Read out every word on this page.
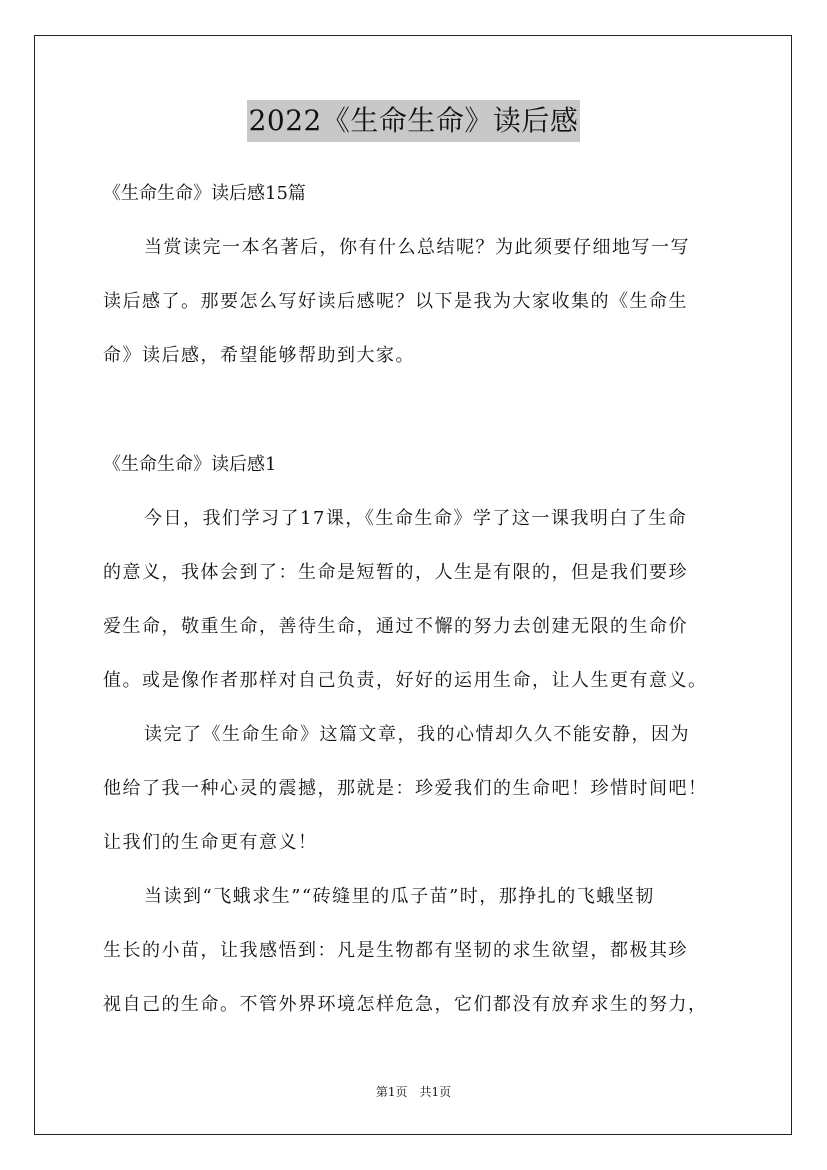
2022《生命生命》读后感
《生命生命》读后感15篇
当赏读完一本名著后，你有什么总结呢？为此须要仔细地写一写
读后感了。那要怎么写好读后感呢？以下是我为大家收集的《生命生
命》读后感，希望能够帮助到大家。
《生命生命》读后感1
今日，我们学习了17课，《生命生命》学了这一课我明白了生命
的意义，我体会到了：生命是短暂的，人生是有限的，但是我们要珍
爱生命，敬重生命，善待生命，通过不懈的努力去创建无限的生命价
值。或是像作者那样对自己负责，好好的运用生命，让人生更有意义。
读完了《生命生命》这篇文章，我的心情却久久不能安静，因为
他给了我一种心灵的震撼，那就是：珍爱我们的生命吧！珍惜时间吧！
让我们的生命更有意义！
当读到“飞蛾求生”“砖缝里的瓜子苗”时，那挣扎的飞蛾坚韧
生长的小苗，让我感悟到：凡是生物都有坚韧的求生欲望，都极其珍
视自己的生命。不管外界环境怎样危急，它们都没有放弃求生的努力，
第1页　共1页
